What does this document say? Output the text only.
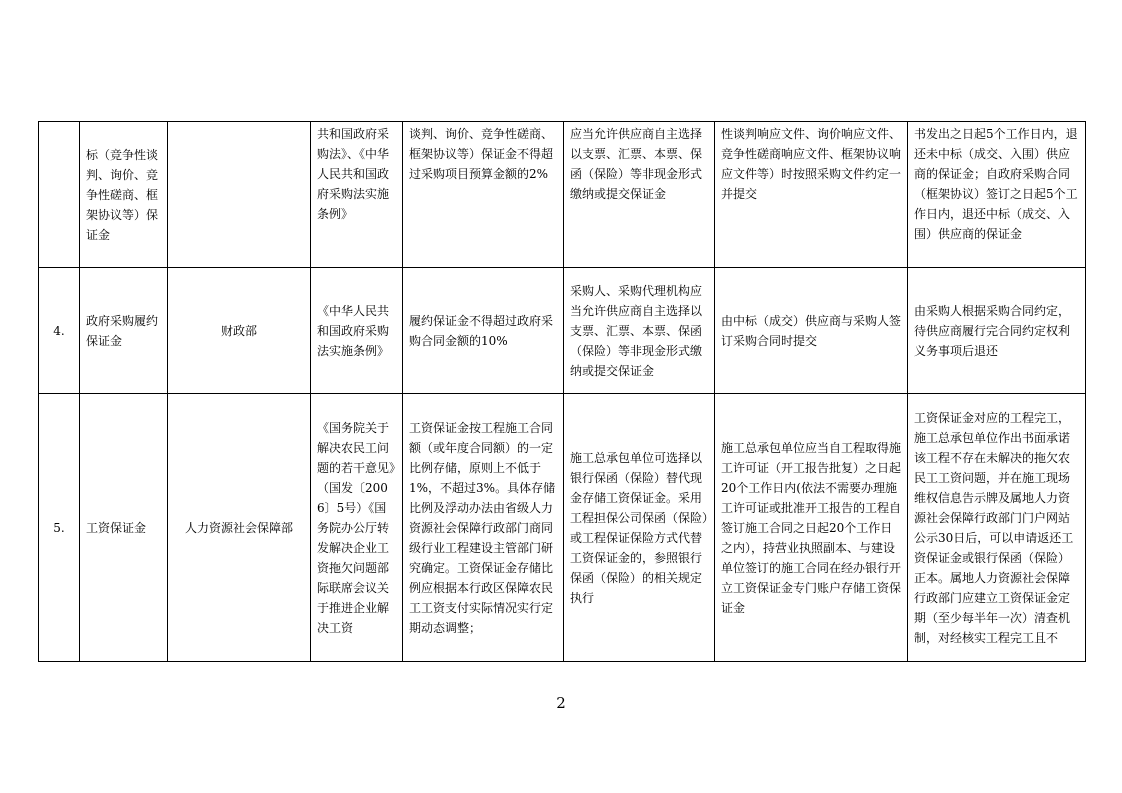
	标（竞争性谈判、询价、竞争性磋商、框架协议等）保证金		共和国政府采购法》、《中华人民共和国政府采购法实施条例》	谈判、询价、竞争性磋商、框架协议等）保证金不得超过采购项目预算金额的2%	应当允许供应商自主选择以支票、汇票、本票、保函（保险）等非现金形式缴纳或提交保证金	性谈判响应文件、询价响应文件、竞争性磋商响应文件、框架协议响应文件等）时按照采购文件约定一并提交	书发出之日起5个工作日内，退还未中标（成交、入围）供应商的保证金；自政府采购合同（框架协议）签订之日起5个工作日内，退还中标（成交、入围）供应商的保证金
4.	政府采购履约保证金	财政部	《中华人民共和国政府采购法实施条例》	履约保证金不得超过政府采购合同金额的10%	采购人、采购代理机构应当允许供应商自主选择以支票、汇票、本票、保函（保险）等非现金形式缴纳或提交保证金	由中标（成交）供应商与采购人签订采购合同时提交	由采购人根据采购合同约定，待供应商履行完合同约定权利义务事项后退还
5.	工资保证金	人力资源社会保障部	《国务院关于解决农民工问题的若干意见》（国发〔2006〕5号）《国务院办公厅转发解决企业工资拖欠问题部际联席会议关于推进企业解决工资	工资保证金按工程施工合同额（或年度合同额）的一定比例存储，原则上不低于1%，不超过3%。具体存储比例及浮动办法由省级人力资源社会保障行政部门商同级行业工程建设主管部门研究确定。工资保证金存储比例应根据本行政区保障农民工工资支付实际情况实行定期动态调整；	施工总承包单位可选择以银行保函（保险）替代现金存储工资保证金。采用工程担保公司保函（保险）或工程保证保险方式代替工资保证金的，参照银行保函（保险）的相关规定执行	施工总承包单位应当自工程取得施工许可证（开工报告批复）之日起20个工作日内(依法不需要办理施工许可证或批准开工报告的工程自签订施工合同之日起20个工作日之内），持营业执照副本、与建设单位签订的施工合同在经办银行开立工资保证金专门账户存储工资保证金	工资保证金对应的工程完工，施工总承包单位作出书面承诺该工程不存在未解决的拖欠农民工工资问题，并在施工现场维权信息告示牌及属地人力资源社会保障行政部门门户网站公示30日后，可以申请返还工资保证金或银行保函（保险）正本。属地人力资源社会保障行政部门应建立工资保证金定期（至少每半年一次）清查机制，对经核实工程完工且不
2
